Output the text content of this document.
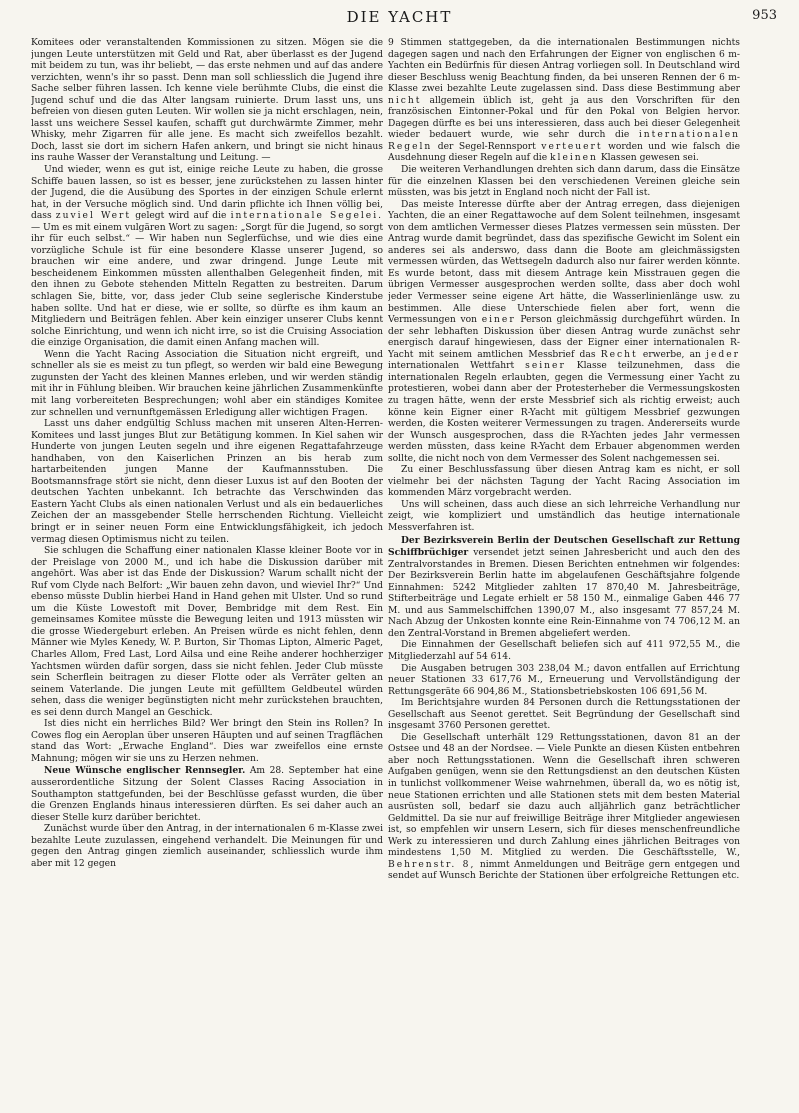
DIE YACHT	953

Komitees oder veranstaltenden Kommissionen zu sitzen. Mögen sie die jungen Leute unterstützen mit Geld und Rat, aber überlasst es der Jugend mit beidem zu tun, was ihr beliebt, — das erste nehmen und auf das andere verzichten, wenn's ihr so passt. Denn man soll schliesslich die Jugend ihre Sache selber führen lassen. Ich kenne viele berühmte Clubs, die einst die Jugend schuf und die das Alter langsam ruinierte. Drum lasst uns, uns befreien von diesen guten Leuten. Wir wollen sie ja nicht erschlagen, nein, lasst uns weichere Sessel kaufen, schafft gut durchwärmte Zimmer, mehr Whisky, mehr Zigarren für alle jene. Es macht sich zweifellos bezahlt. Doch, lasst sie dort im sichern Hafen ankern, und bringt sie nicht hinaus ins rauhe Wasser der Veranstaltung und Leitung. —

Und wieder, wenn es gut ist, einige reiche Leute zu haben, die grosse Schiffe bauen lassen, so ist es besser, jene zurückstehen zu lassen hinter der Jugend, die die Ausübung des Sportes in der einzigen Schule erlernt hat, in der Versuche möglich sind. Und darin pflichte ich Ihnen völlig bei, dass zuviel Wert gelegt wird auf die internationale Segelei. — Um es mit einem vulgären Wort zu sagen: „Sorgt für die Jugend, so sorgt ihr für euch selbst.“ — Wir haben nun Seglerfüchse, und wie dies eine vorzügliche Schule ist für eine besondere Klasse unserer Jugend, so brauchen wir eine andere, und zwar dringend. Junge Leute mit bescheidenem Einkommen müssten allenthalben Gelegenheit finden, mit den ihnen zu Gebote stehenden Mitteln Regatten zu bestreiten. Darum schlagen Sie, bitte, vor, dass jeder Club seine seglerische Kinderstube haben sollte. Und hat er diese, wie er sollte, so dürfte es ihm kaum an Mitgliedern und Beiträgen fehlen. Aber kein einziger unserer Clubs kennt solche Einrichtung, und wenn ich nicht irre, so ist die Cruising Association die einzige Organisation, die damit einen Anfang machen will.

Wenn die Yacht Racing Association die Situation nicht ergreift, und schneller als sie es meist zu tun pflegt, so werden wir bald eine Bewegung zugunsten der Yacht des kleinen Mannes erleben, und wir werden ständig mit ihr in Fühlung bleiben. Wir brauchen keine jährlichen Zusammenkünfte mit lang vorbereiteten Besprechungen; wohl aber ein ständiges Komitee zur schnellen und vernunftgemässen Erledigung aller wichtigen Fragen.

Lasst uns daher endgültig Schluss machen mit unseren Alten-Herren-Komitees und lasst junges Blut zur Betätigung kommen. In Kiel sahen wir Hunderte von jungen Leuten segeln und ihre eigenen Regattafahrzeuge handhaben, von den Kaiserlichen Prinzen an bis herab zum hartarbeitenden jungen Manne der Kaufmannsstuben. Die Bootsmannsfrage stört sie nicht, denn dieser Luxus ist auf den Booten der deutschen Yachten unbekannt. Ich betrachte das Verschwinden das Eastern Yacht Clubs als einen nationalen Verlust und als ein bedauerliches Zeichen der an massgebender Stelle herrschenden Richtung. Vielleicht bringt er in seiner neuen Form eine Entwicklungsfähigkeit, ich jedoch vermag diesen Optimismus nicht zu teilen.

Sie schlugen die Schaffung einer nationalen Klasse kleiner Boote vor in der Preislage von 2000 M., und ich habe die Diskussion darüber mit angehört. Was aber ist das Ende der Diskussion? Warum schallt nicht der Ruf vom Clyde nach Belfort: „Wir bauen zehn davon, und wieviel Ihr?“ Und ebenso müsste Dublin hierbei Hand in Hand gehen mit Ulster. Und so rund um die Küste Lowestoft mit Dover, Bembridge mit dem Rest. Ein gemeinsames Komitee müsste die Bewegung leiten und 1913 müssten wir die grosse Wiedergeburt erleben. An Preisen würde es nicht fehlen, denn Männer wie Myles Kenedy, W. P. Burton, Sir Thomas Lipton, Almeric Paget, Charles Allom, Fred Last, Lord Ailsa und eine Reihe anderer hochherziger Yachtsmen würden dafür sorgen, dass sie nicht fehlen. Jeder Club müsste sein Scherflein beitragen zu dieser Flotte oder als Verräter gelten an seinem Vaterlande. Die jungen Leute mit gefülltem Geldbeutel würden sehen, dass die weniger begünstigten nicht mehr zurückstehen brauchten, es sei denn durch Mangel an Geschick.

Ist dies nicht ein herrliches Bild? Wer bringt den Stein ins Rollen? In Cowes flog ein Aeroplan über unseren Häupten und auf seinen Tragflächen stand das Wort: „Erwache England“. Dies war zweifellos eine ernste Mahnung; mögen wir sie uns zu Herzen nehmen.

Neue Wünsche englischer Rennsegler. Am 28. September hat eine ausserordentliche Sitzung der Solent Classes Racing Association in Southampton stattgefunden, bei der Beschlüsse gefasst wurden, die über die Grenzen Englands hinaus interessieren dürften. Es sei daher auch an dieser Stelle kurz darüber berichtet.

Zunächst wurde über den Antrag, in der internationalen 6 m-Klasse zwei bezahlte Leute zuzulassen, eingehend verhandelt. Die Meinungen für und gegen den Antrag gingen ziemlich auseinander, schliesslich wurde ihm aber mit 12 gegen

9 Stimmen stattgegeben, da die internationalen Bestimmungen nichts dagegen sagen und nach den Erfahrungen der Eigner von englischen 6 m-Yachten ein Bedürfnis für diesen Antrag vorliegen soll. In Deutschland wird dieser Beschluss wenig Beachtung finden, da bei unseren Rennen der 6 m-Klasse zwei bezahlte Leute zugelassen sind. Dass diese Bestimmung aber nicht allgemein üblich ist, geht ja aus den Vorschriften für den französischen Eintonner-Pokal und für den Pokal von Belgien hervor. Dagegen dürfte es bei uns interessieren, dass auch bei dieser Gelegenheit wieder bedauert wurde, wie sehr durch die internationalen Regeln der Segel-Rennsport verteuert worden und wie falsch die Ausdehnung dieser Regeln auf die kleinen Klassen gewesen sei.

Die weiteren Verhandlungen drehten sich dann darum, dass die Einsätze für die einzelnen Klassen bei den verschiedenen Vereinen gleiche sein müssten, was bis jetzt in England noch nicht der Fall ist.

Das meiste Interesse dürfte aber der Antrag erregen, dass diejenigen Yachten, die an einer Regattawoche auf dem Solent teilnehmen, insgesamt von dem amtlichen Vermesser dieses Platzes vermessen sein müssten. Der Antrag wurde damit begründet, dass das spezifische Gewicht im Solent ein anderes sei als anderswo, dass dann die Boote am gleichmässigsten vermessen würden, das Wettsegeln dadurch also nur fairer werden könnte. Es wurde betont, dass mit diesem Antrage kein Misstrauen gegen die übrigen Vermesser ausgesprochen werden sollte, dass aber doch wohl jeder Vermesser seine eigene Art hätte, die Wasserlinienlänge usw. zu bestimmen. Alle diese Unterschiede fielen aber fort, wenn die Vermessungen von einer Person gleichmässig durchgeführt würden. In der sehr lebhaften Diskussion über diesen Antrag wurde zunächst sehr energisch darauf hingewiesen, dass der Eigner einer internationalen R-Yacht mit seinem amtlichen Messbrief das Recht erwerbe, an jeder internationalen Wettfahrt seiner Klasse teilzunehmen, dass die internationalen Regeln erlaubten, gegen die Vermessung einer Yacht zu protestieren, wobei dann aber der Protesterheber die Vermessungskosten zu tragen hätte, wenn der erste Messbrief sich als richtig erweist; auch könne kein Eigner einer R-Yacht mit gültigem Messbrief gezwungen werden, die Kosten weiterer Vermessungen zu tragen. Andererseits wurde der Wunsch ausgesprochen, dass die R-Yachten jedes Jahr vermessen werden müssten, dass keine R-Yacht dem Erbauer abgenommen werden sollte, die nicht noch von dem Vermesser des Solent nachgemessen sei.

Zu einer Beschlussfassung über diesen Antrag kam es nicht, er soll vielmehr bei der nächsten Tagung der Yacht Racing Association im kommenden März vorgebracht werden.

Uns will scheinen, dass auch diese an sich lehrreiche Verhandlung nur zeigt, wie kompliziert und umständlich das heutige internationale Messverfahren ist.

Der Bezirksverein Berlin der Deutschen Gesellschaft zur Rettung Schiffbrüchiger versendet jetzt seinen Jahresbericht und auch den des Zentralvorstandes in Bremen. Diesen Berichten entnehmen wir folgendes: Der Bezirksverein Berlin hatte im abgelaufenen Geschäftsjahre folgende Einnahmen: 5242 Mitglieder zahlten 17 870,40 M. Jahresbeiträge, Stifterbeiträge und Legate erhielt er 58 150 M., einmalige Gaben 446 77 M. und aus Sammelschiffchen 1390,07 M., also insgesamt 77 857,24 M. Nach Abzug der Unkosten konnte eine Rein-Einnahme von 74 706,12 M. an den Zentral-Vorstand in Bremen abgeliefert werden.

Die Einnahmen der Gesellschaft beliefen sich auf 411 972,55 M., die Mitgliederzahl auf 54 614.

Die Ausgaben betrugen 303 238,04 M.; davon entfallen auf Errichtung neuer Stationen 33 617,76 M., Erneuerung und Vervollständigung der Rettungsgeräte 66 904,86 M., Stationsbetriebskosten 106 691,56 M.

Im Berichtsjahre wurden 84 Personen durch die Rettungsstationen der Gesellschaft aus Seenot gerettet. Seit Begründung der Gesellschaft sind insgesamt 3760 Personen gerettet.

Die Gesellschaft unterhält 129 Rettungsstationen, davon 81 an der Ostsee und 48 an der Nordsee. — Viele Punkte an diesen Küsten entbehren aber noch Rettungsstationen. Wenn die Gesellschaft ihren schweren Aufgaben genügen, wenn sie den Rettungsdienst an den deutschen Küsten in tunlichst vollkommener Weise wahrnehmen, überall da, wo es nötig ist, neue Stationen errichten und alle Stationen stets mit dem besten Material ausrüsten soll, bedarf sie dazu auch alljährlich ganz beträchtlicher Geldmittel. Da sie nur auf freiwillige Beiträge ihrer Mitglieder angewiesen ist, so empfehlen wir unsern Lesern, sich für dieses menschenfreundliche Werk zu interessieren und durch Zahlung eines jährlichen Beitrages von mindestens 1,50 M. Mitglied zu werden. Die Geschäftsstelle, W., Behrenstr. 8, nimmt Anmeldungen und Beiträge gern entgegen und sendet auf Wunsch Berichte der Stationen über erfolgreiche Rettungen etc.
